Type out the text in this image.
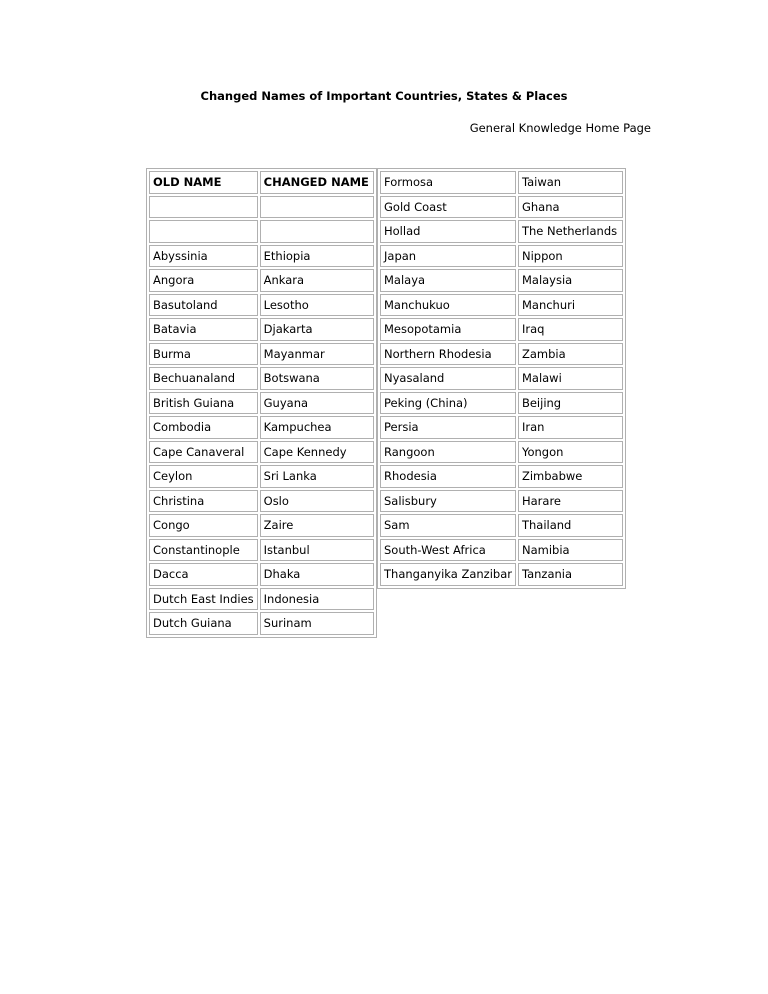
Changed Names of Important Countries, States & Places
General Knowledge Home Page
OLD NAME	CHANGED NAME

Abyssinia	Ethiopia
Angora	Ankara
Basutoland	Lesotho
Batavia	Djakarta
Burma	Mayanmar
Bechuanaland	Botswana
British Guiana	Guyana
Combodia	Kampuchea
Cape Canaveral	Cape Kennedy
Ceylon	Sri Lanka
Christina	Oslo
Congo	Zaire
Constantinople	Istanbul
Dacca	Dhaka
Dutch East Indies	Indonesia
Dutch Guiana	Surinam
Formosa	Taiwan
Gold Coast	Ghana
Hollad	The Netherlands
Japan	Nippon
Malaya	Malaysia
Manchukuo	Manchuri
Mesopotamia	Iraq
Northern Rhodesia	Zambia
Nyasaland	Malawi
Peking (China)	Beijing
Persia	Iran
Rangoon	Yongon
Rhodesia	Zimbabwe
Salisbury	Harare
Sam	Thailand
South-West Africa	Namibia
Thanganyika Zanzibar	Tanzania
